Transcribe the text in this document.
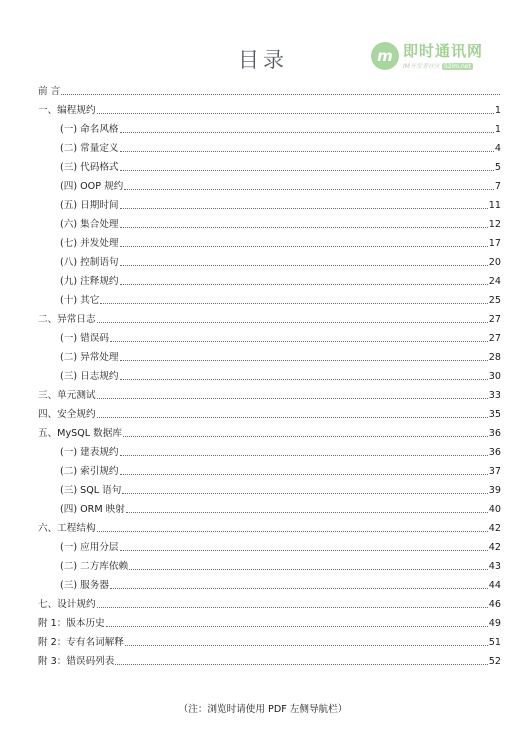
目录	m 即时通讯网
IM开发者社区 52im.net
前 言
一、编程规约	1
(一) 命名风格	1
(二) 常量定义	4
(三) 代码格式	5
(四) OOP 规约	7
(五) 日期时间	11
(六) 集合处理	12
(七) 并发处理	17
(八) 控制语句	20
(九) 注释规约	24
(十) 其它	25
二、异常日志	27
(一) 错误码	27
(二) 异常处理	28
(三) 日志规约	30
三、单元测试	33
四、安全规约	35
五、MySQL 数据库	36
(一) 建表规约	36
(二) 索引规约	37
(三) SQL 语句	39
(四) ORM 映射	40
六、工程结构	42
(一) 应用分层	42
(二) 二方库依赖	43
(三) 服务器	44
七、设计规约	46
附 1：版本历史	49
附 2：专有名词解释	51
附 3：错误码列表	52
（注：浏览时请使用 PDF 左侧导航栏）
